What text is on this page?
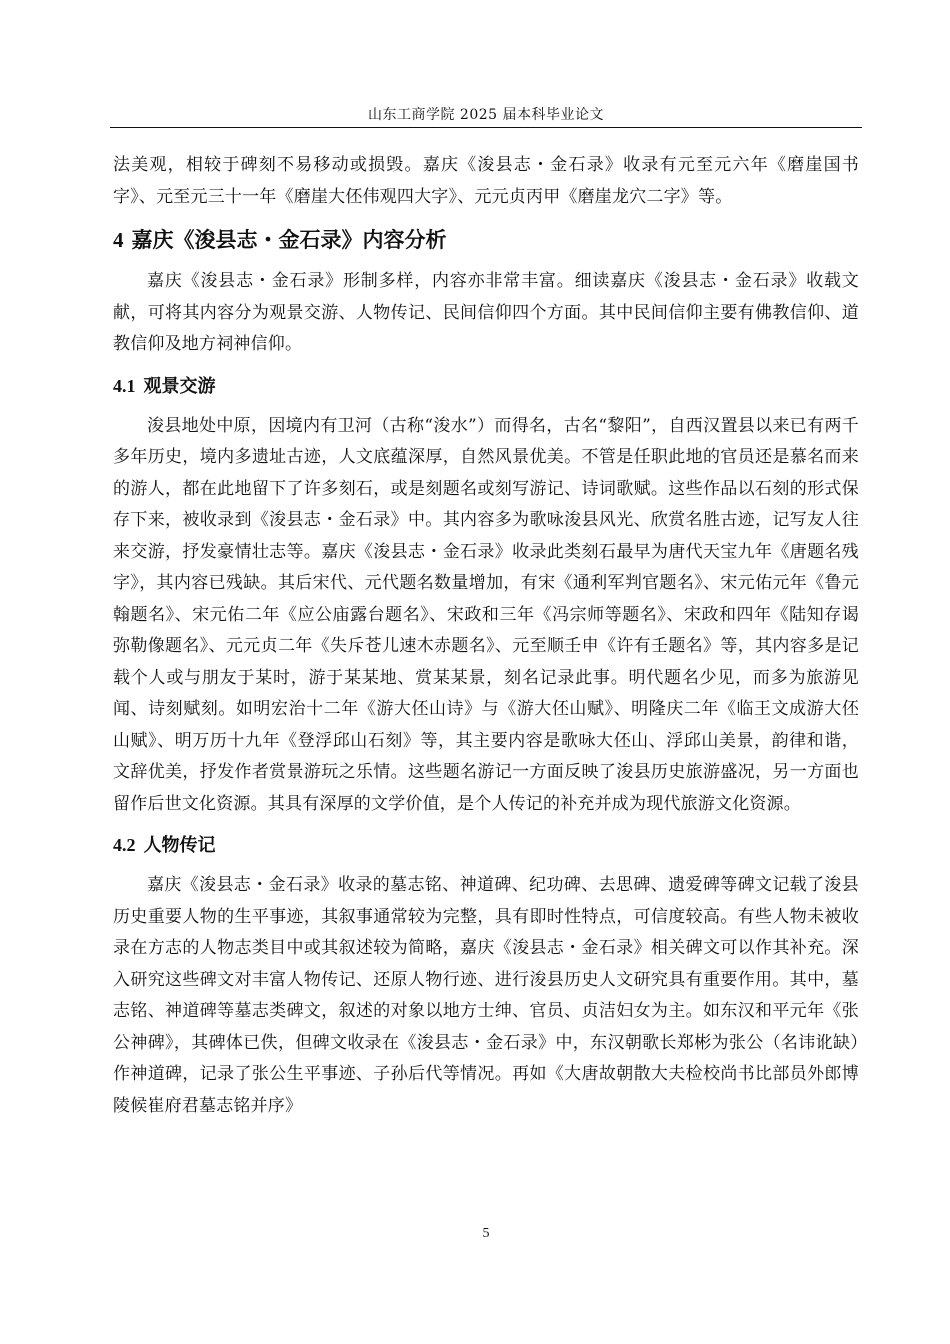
山东工商学院 2025 届本科毕业论文

法美观，相较于碑刻不易移动或损毁。嘉庆《浚县志・金石录》收录有元至元六年《磨崖国书字》、元至元三十一年《磨崖大伾伟观四大字》、元元贞丙甲《磨崖龙穴二字》等。

4 嘉庆《浚县志・金石录》内容分析

嘉庆《浚县志・金石录》形制多样，内容亦非常丰富。细读嘉庆《浚县志・金石录》收载文献，可将其内容分为观景交游、人物传记、民间信仰四个方面。其中民间信仰主要有佛教信仰、道教信仰及地方祠神信仰。

4.1 观景交游

浚县地处中原，因境内有卫河（古称“浚水”）而得名，古名“黎阳”，自西汉置县以来已有两千多年历史，境内多遗址古迹，人文底蕴深厚，自然风景优美。不管是任职此地的官员还是慕名而来的游人，都在此地留下了许多刻石，或是刻题名或刻写游记、诗词歌赋。这些作品以石刻的形式保存下来，被收录到《浚县志・金石录》中。其内容多为歌咏浚县风光、欣赏名胜古迹，记写友人往来交游，抒发豪情壮志等。嘉庆《浚县志・金石录》收录此类刻石最早为唐代天宝九年《唐题名残字》，其内容已残缺。其后宋代、元代题名数量增加，有宋《通利军判官题名》、宋元佑元年《鲁元翰题名》、宋元佑二年《应公庙露台题名》、宋政和三年《冯宗师等题名》、宋政和四年《陆知存谒弥勒像题名》、元元贞二年《失斥苍儿速木赤题名》、元至顺壬申《许有壬题名》等，其内容多是记载个人或与朋友于某时，游于某某地、赏某某景，刻名记录此事。明代题名少见，而多为旅游见闻、诗刻赋刻。如明宏治十二年《游大伾山诗》与《游大伾山赋》、明隆庆二年《临王文成游大伾山赋》、明万历十九年《登浮邱山石刻》等，其主要内容是歌咏大伾山、浮邱山美景，韵律和谐，文辞优美，抒发作者赏景游玩之乐情。这些题名游记一方面反映了浚县历史旅游盛况，另一方面也留作后世文化资源。其具有深厚的文学价值，是个人传记的补充并成为现代旅游文化资源。

4.2 人物传记

嘉庆《浚县志・金石录》收录的墓志铭、神道碑、纪功碑、去思碑、遗爱碑等碑文记载了浚县历史重要人物的生平事迹，其叙事通常较为完整，具有即时性特点，可信度较高。有些人物未被收录在方志的人物志类目中或其叙述较为简略，嘉庆《浚县志・金石录》相关碑文可以作其补充。深入研究这些碑文对丰富人物传记、还原人物行迹、进行浚县历史人文研究具有重要作用。其中，墓志铭、神道碑等墓志类碑文，叙述的对象以地方士绅、官员、贞洁妇女为主。如东汉和平元年《张公神碑》，其碑体已佚，但碑文收录在《浚县志・金石录》中，东汉朝歌长郑彬为张公（名讳讹缺）作神道碑，记录了张公生平事迹、子孙后代等情况。再如《大唐故朝散大夫检校尚书比部员外郎博陵候崔府君墓志铭并序》

5
